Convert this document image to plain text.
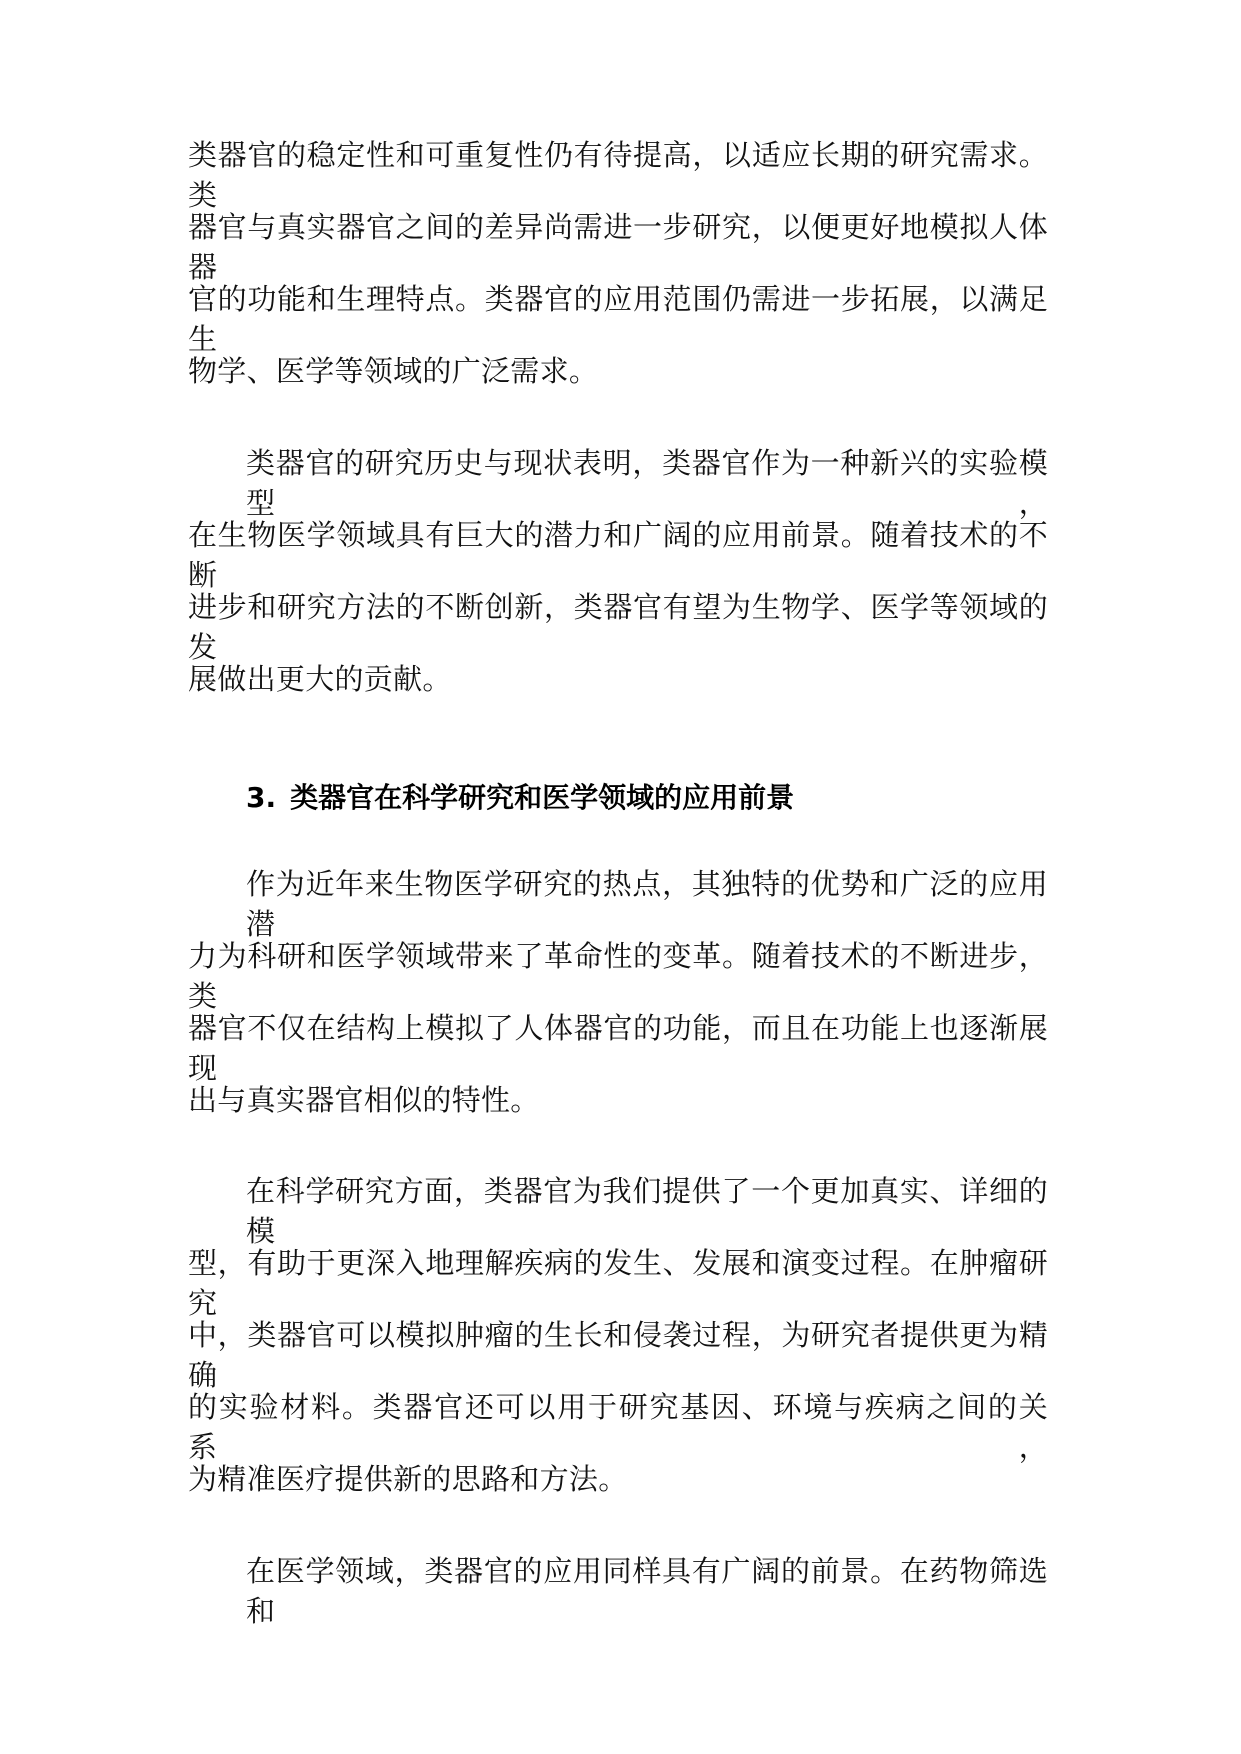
类器官的稳定性和可重复性仍有待提高，以适应长期的研究需求。类

器官与真实器官之间的差异尚需进一步研究，以便更好地模拟人体器

官的功能和生理特点。类器官的应用范围仍需进一步拓展，以满足生

物学、医学等领域的广泛需求。

类器官的研究历史与现状表明，类器官作为一种新兴的实验模型，

在生物医学领域具有巨大的潜力和广阔的应用前景。随着技术的不断

进步和研究方法的不断创新，类器官有望为生物学、医学等领域的发

展做出更大的贡献。

3. 类器官在科学研究和医学领域的应用前景

作为近年来生物医学研究的热点，其独特的优势和广泛的应用潜

力为科研和医学领域带来了革命性的变革。随着技术的不断进步，类

器官不仅在结构上模拟了人体器官的功能，而且在功能上也逐渐展现

出与真实器官相似的特性。

在科学研究方面，类器官为我们提供了一个更加真实、详细的模

型，有助于更深入地理解疾病的发生、发展和演变过程。在肿瘤研究

中，类器官可以模拟肿瘤的生长和侵袭过程，为研究者提供更为精确

的实验材料。类器官还可以用于研究基因、环境与疾病之间的关系，

为精准医疗提供新的思路和方法。

在医学领域，类器官的应用同样具有广阔的前景。在药物筛选和
